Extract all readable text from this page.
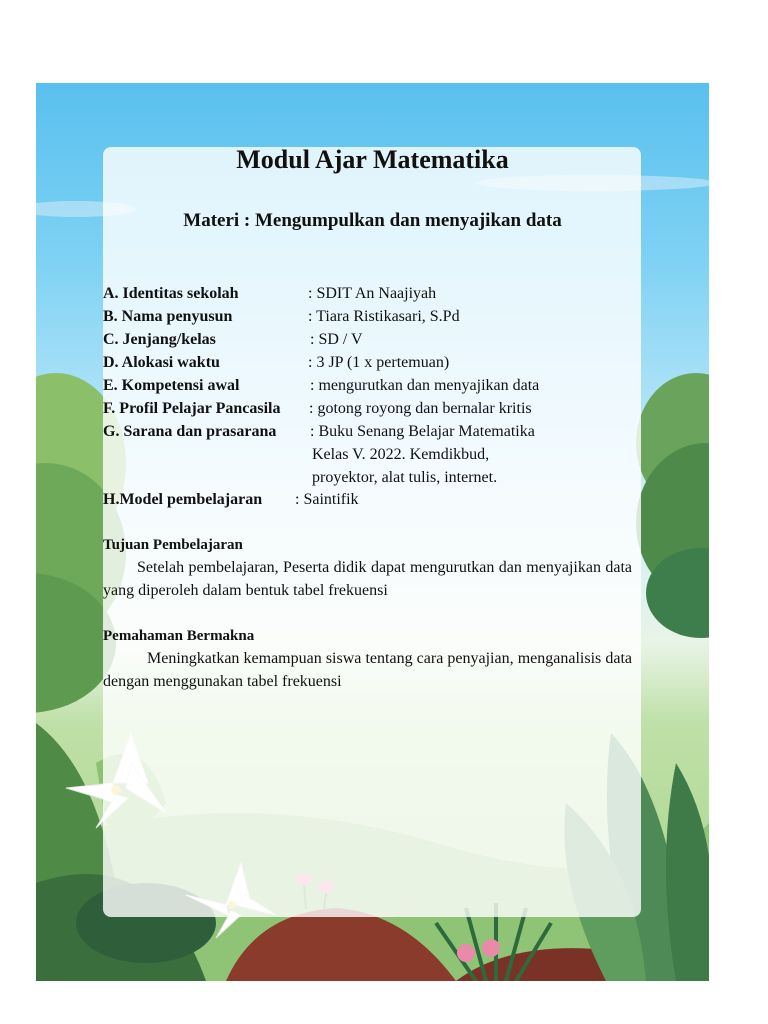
Modul Ajar Matematika
Materi : Mengumpulkan dan menyajikan data
A. Identitas sekolah	: SDIT An Naajiyah
B. Nama penyusun	: Tiara Ristikasari, S.Pd
C. Jenjang/kelas	: SD / V
D. Alokasi waktu	: 3 JP (1 x pertemuan)
E. Kompetensi awal	: mengurutkan dan menyajikan data
F. Profil Pelajar Pancasila : gotong royong dan bernalar kritis
G. Sarana dan prasarana : Buku Senang Belajar Matematika
Kelas V. 2022. Kemdikbud,
proyektor, alat tulis, internet.
H.Model pembelajaran : Saintifik
Tujuan Pembelajaran
Setelah pembelajaran, Peserta didik dapat mengurutkan dan menyajikan data yang diperoleh dalam bentuk tabel frekuensi
Pemahaman Bermakna
Meningkatkan kemampuan siswa tentang cara penyajian, menganalisis data dengan menggunakan tabel frekuensi
